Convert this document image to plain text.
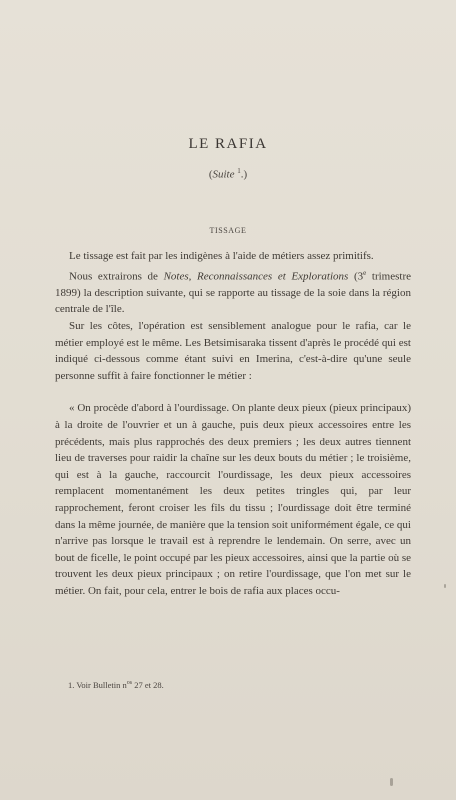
LE RAFIA
(Suite $^1$.)
TISSAGE

Le tissage est fait par les indigènes à l'aide de métiers assez primitifs.

Nous extrairons de Notes, Reconnaissances et Explorations (3e trimestre 1899) la description suivante, qui se rapporte au tissage de la soie dans la région centrale de l'île.

Sur les côtes, l'opération est sensiblement analogue pour le rafia, car le métier employé est le même. Les Betsimisaraka tissent d'après le procédé qui est indiqué ci-dessous comme étant suivi en Imerina, c'est-à-dire qu'une seule personne suffit à faire fonctionner le métier :

« On procède d'abord à l'ourdissage. On plante deux pieux (pieux principaux) à la droite de l'ouvrier et un à gauche, puis deux pieux accessoires entre les précédents, mais plus rapprochés des deux premiers ; les deux autres tiennent lieu de traverses pour raidir la chaîne sur les deux bouts du métier ; le troisième, qui est à la gauche, raccourcit l'ourdissage, les deux pieux accessoires remplacent momentanément les deux petites tringles qui, par leur rapprochement, feront croiser les fils du tissu ; l'ourdissage doit être terminé dans la même journée, de manière que la tension soit uniformément égale, ce qui n'arrive pas lorsque le travail est à reprendre le lendemain. On serre, avec un bout de ficelle, le point occupé par les pieux accessoires, ainsi que la partie où se trouvent les deux pieux principaux ; on retire l'ourdissage, que l'on met sur le métier. On fait, pour cela, entrer le bois de rafia aux places occu-

1. Voir Bulletin $n^{os}$ 27 et 28.
